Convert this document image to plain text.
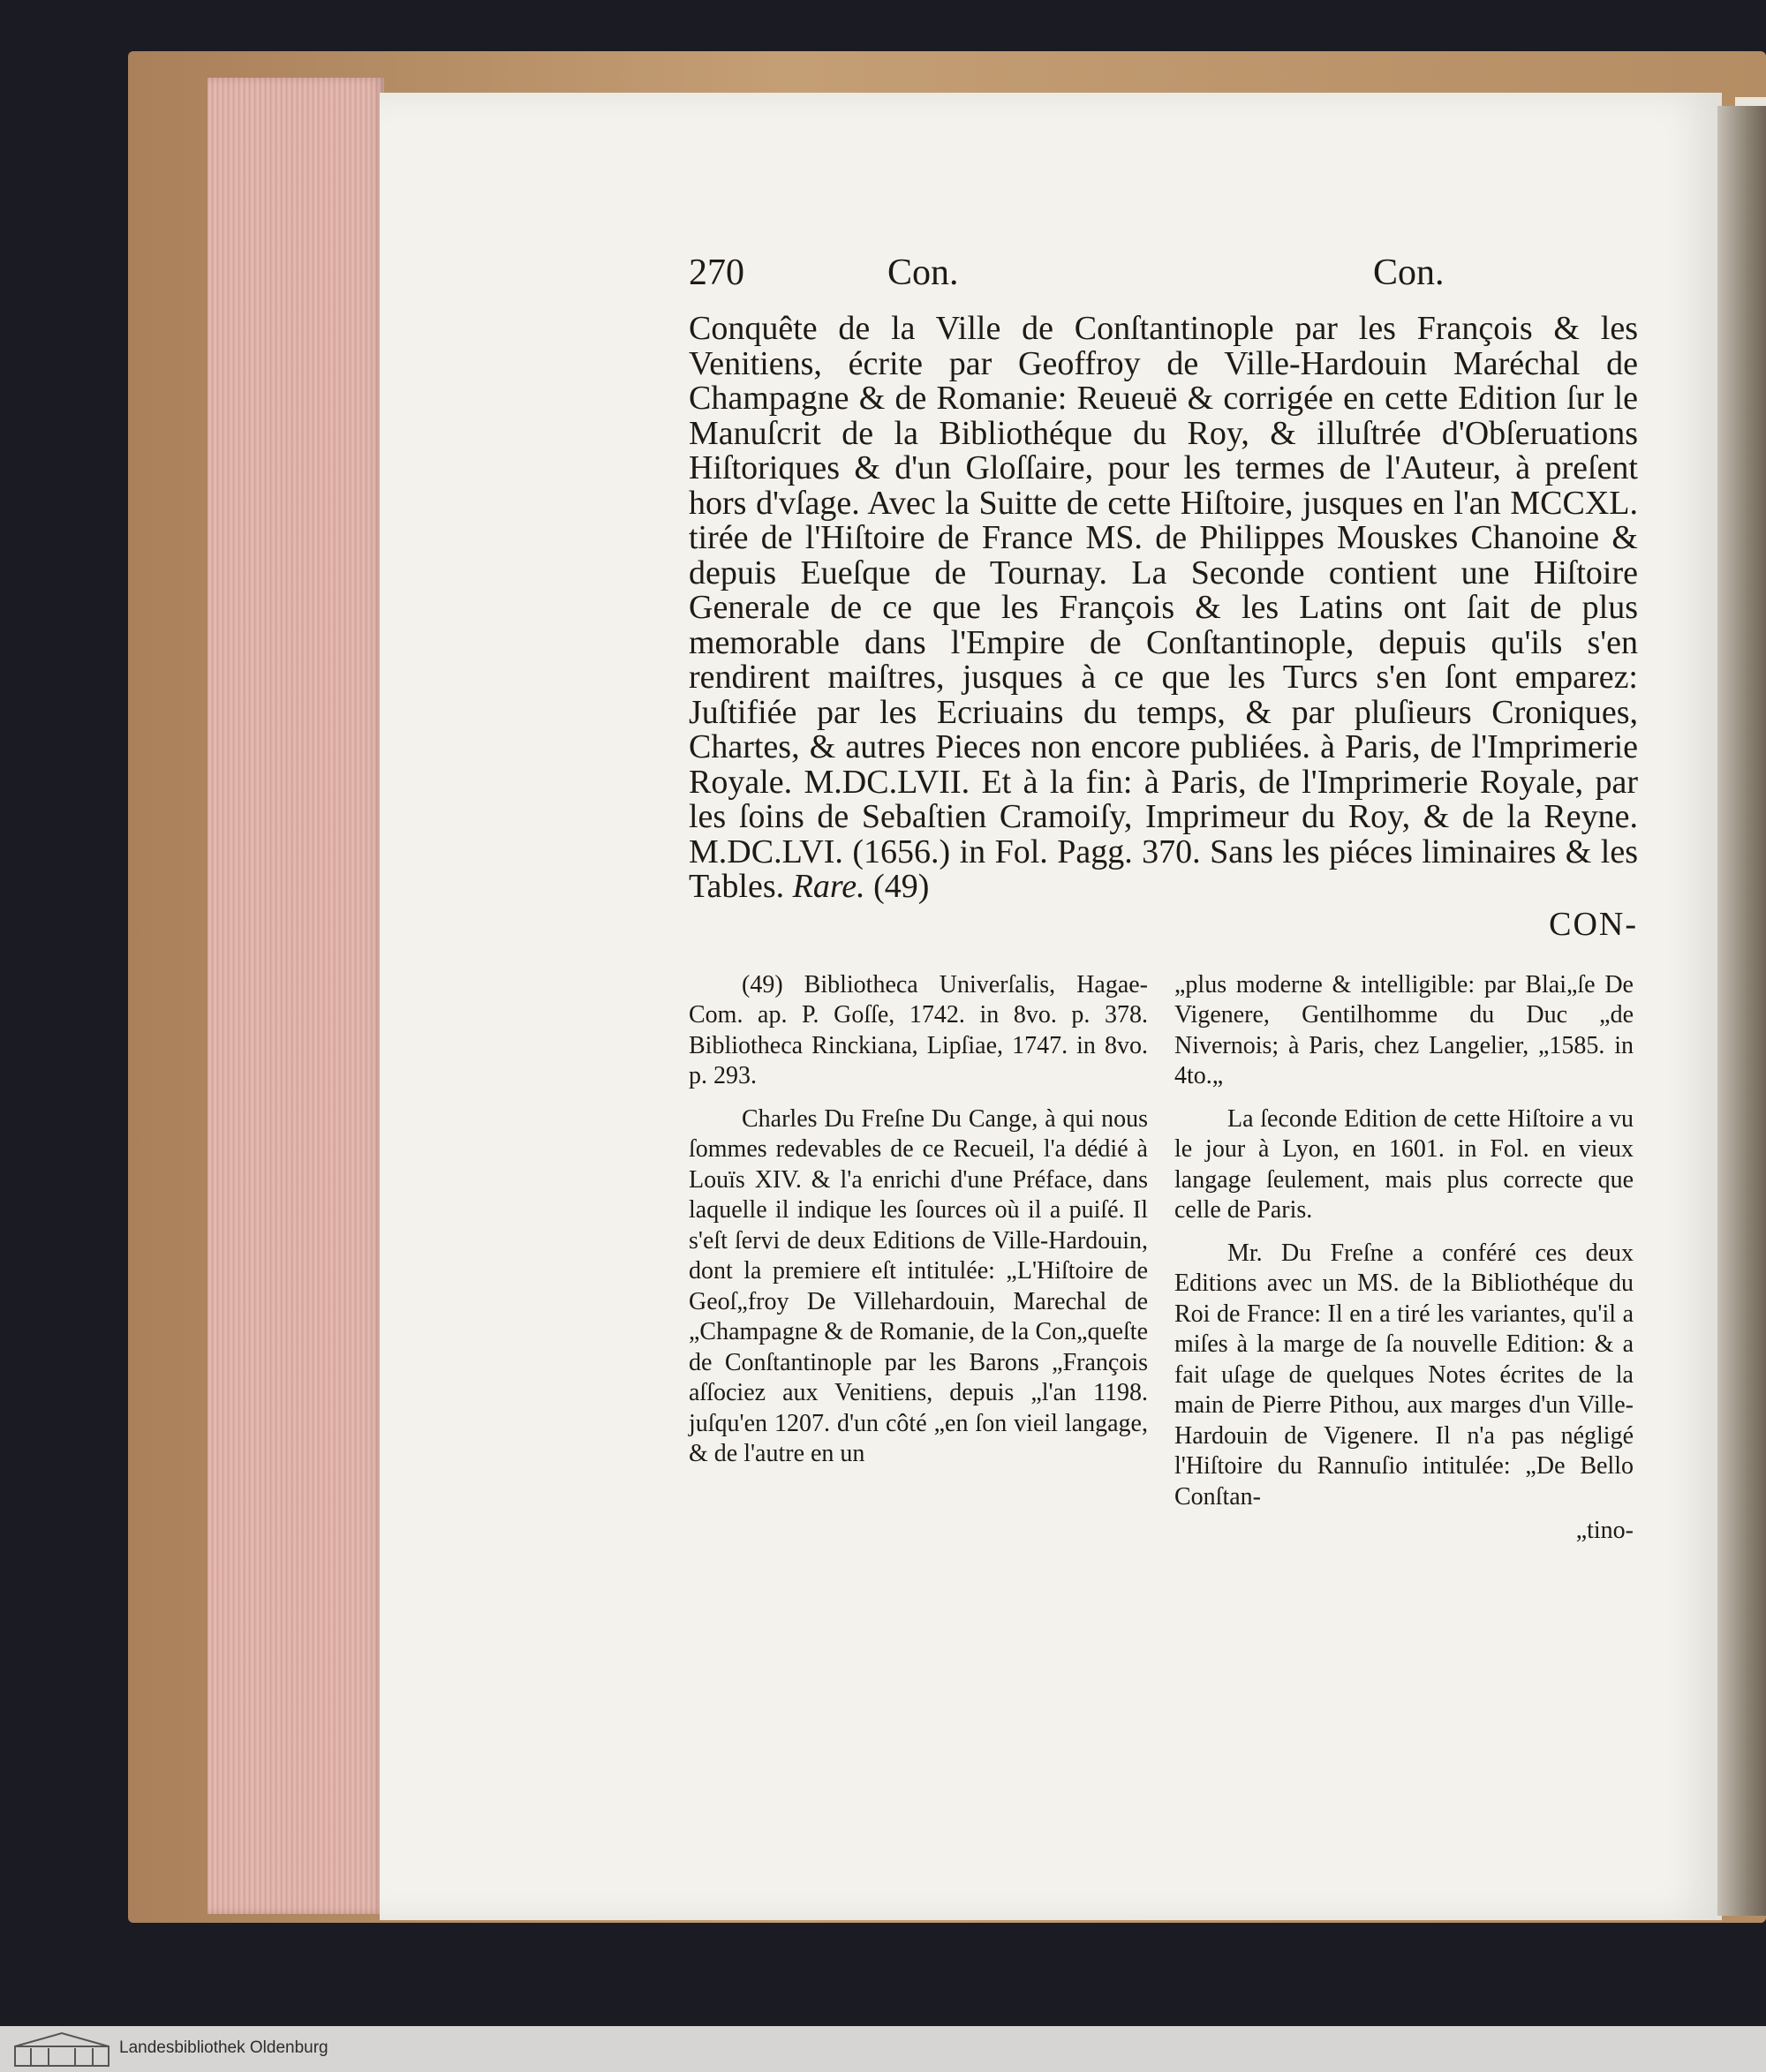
270	Con.	Con.
Conquête de la Ville de Conſtantinople par les François & les Venitiens, écrite par Geoffroy de Ville-Hardouin Maréchal de Champagne & de Romanie: Reueuë & corrigée en cette Edition ſur le Manuſcrit de la Bibliothéque du Roy, & illuſtrée d'Obſeruations Hiſtoriques & d'un Gloſſaire, pour les termes de l'Auteur, à preſent hors d'vſage. Avec la Suitte de cette Hiſtoire, jusques en l'an MCCXL. tirée de l'Hiſtoire de France MS. de Philippes Mouskes Chanoine & depuis Eueſque de Tournay. La Seconde contient une Hiſtoire Generale de ce que les François & les Latins ont ſait de plus memorable dans l'Empire de Conſtantinople, depuis qu'ils s'en rendirent maiſtres, jusques à ce que les Turcs s'en ſont emparez: Juſtifiée par les Ecriuains du temps, & par pluſieurs Croniques, Chartes, & autres Pieces non encore publiées. à Paris, de l'Imprimerie Royale. M.DC.LVII. Et à la fin: à Paris, de l'Imprimerie Royale, par les ſoins de Sebaſtien Cramoiſy, Imprimeur du Roy, & de la Reyne. M.DC.LVI. (1656.) in Fol. Pagg. 370. Sans les piéces liminaires & les Tables. Rare. (49)
CON-

(49) Bibliotheca Univerſalis, Hagae-Com. ap. P. Goſſe, 1742. in 8vo. p. 378. Bibliotheca Rinckiana, Lipſiae, 1747. in 8vo. p. 293.

Charles Du Freſne Du Cange, à qui nous ſommes redevables de ce Recueil, l'a dédié à Louïs XIV. & l'a enrichi d'une Préface, dans laquelle il indique les ſources où il a puiſé. Il s'eſt ſervi de deux Editions de Ville-Hardouin, dont la premiere eſt intitulée: „L'Hiſtoire de Geoſ„froy De Villehardouin, Marechal de „Champagne & de Romanie, de la Con„queſte de Conſtantinople par les Barons „François aſſociez aux Venitiens, depuis „l'an 1198. juſqu'en 1207. d'un côté „en ſon vieil langage, & de l'autre en un

„plus moderne & intelligible: par Blai„ſe De Vigenere, Gentilhomme du Duc „de Nivernois; à Paris, chez Langelier, „1585. in 4to.„

La ſeconde Edition de cette Hiſtoire a vu le jour à Lyon, en 1601. in Fol. en vieux langage ſeulement, mais plus correcte que celle de Paris.

Mr. Du Freſne a conféré ces deux Editions avec un MS. de la Bibliothéque du Roi de France: Il en a tiré les variantes, qu'il a miſes à la marge de ſa nouvelle Edition: & a fait uſage de quelques Notes écrites de la main de Pierre Pithou, aux marges d'un Ville-Hardouin de Vigenere. Il n'a pas négligé l'Hiſtoire du Rannuſio intitulée: „De Bello Conſtan-

„tino-
Landesbibliothek Oldenburg
